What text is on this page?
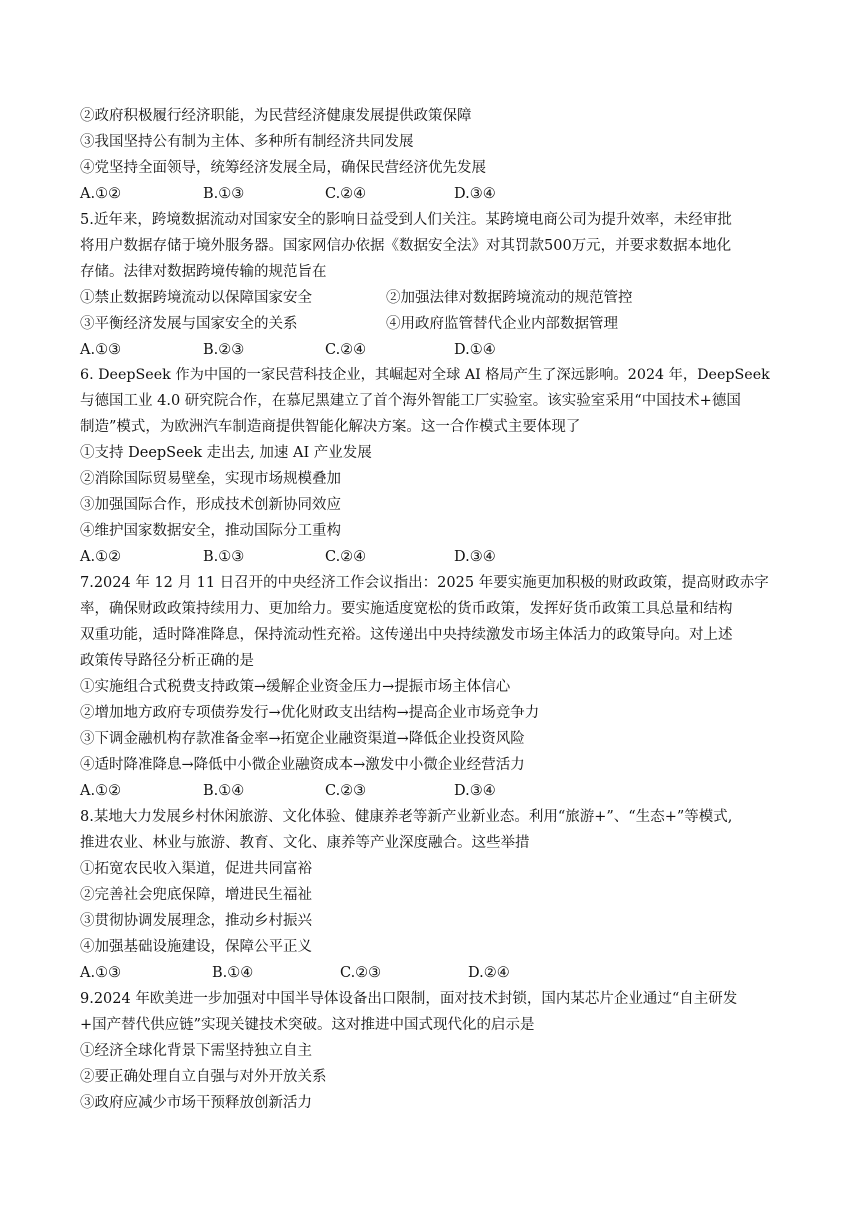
②政府积极履行经济职能，为民营经济健康发展提供政策保障
③我国坚持公有制为主体、多种所有制经济共同发展
④党坚持全面领导，统筹经济发展全局，确保民营经济优先发展
A.①②	B.①③	C.②④	D.③④
5.近年来，跨境数据流动对国家安全的影响日益受到人们关注。某跨境电商公司为提升效率，未经审批
将用户数据存储于境外服务器。国家网信办依据《数据安全法》对其罚款500万元，并要求数据本地化
存储。法律对数据跨境传输的规范旨在
①禁止数据跨境流动以保障国家安全	②加强法律对数据跨境流动的规范管控
③平衡经济发展与国家安全的关系	④用政府监管替代企业内部数据管理
A.①③	B.②③	C.②④	D.①④
6. DeepSeek 作为中国的一家民营科技企业，其崛起对全球 AI 格局产生了深远影响。2024 年，DeepSeek
与德国工业 4.0 研究院合作，在慕尼黑建立了首个海外智能工厂实验室。该实验室采用“中国技术+德国
制造”模式，为欧洲汽车制造商提供智能化解决方案。这一合作模式主要体现了
①支持 DeepSeek 走出去, 加速 AI 产业发展
②消除国际贸易壁垒，实现市场规模叠加
③加强国际合作，形成技术创新协同效应
④维护国家数据安全，推动国际分工重构
A.①②	B.①③	C.②④	D.③④
7.2024 年 12 月 11 日召开的中央经济工作会议指出：2025 年要实施更加积极的财政政策，提高财政赤字
率，确保财政政策持续用力、更加给力。要实施适度宽松的货币政策，发挥好货币政策工具总量和结构
双重功能，适时降准降息，保持流动性充裕。这传递出中央持续激发市场主体活力的政策导向。对上述
政策传导路径分析正确的是
①实施组合式税费支持政策→缓解企业资金压力→提振市场主体信心
②增加地方政府专项债券发行→优化财政支出结构→提高企业市场竞争力
③下调金融机构存款准备金率→拓宽企业融资渠道→降低企业投资风险
④适时降准降息→降低中小微企业融资成本→激发中小微企业经营活力
A.①②	B.①④	C.②③	D.③④
8.某地大力发展乡村休闲旅游、文化体验、健康养老等新产业新业态。利用“旅游+”、“生态+”等模式,
推进农业、林业与旅游、教育、文化、康养等产业深度融合。这些举措
①拓宽农民收入渠道，促进共同富裕
②完善社会兜底保障，增进民生福祉
③贯彻协调发展理念，推动乡村振兴
④加强基础设施建设，保障公平正义
A.①③	B.①④	C.②③	D.②④
9.2024 年欧美进一步加强对中国半导体设备出口限制，面对技术封锁，国内某芯片企业通过“自主研发
+国产替代供应链”实现关键技术突破。这对推进中国式现代化的启示是
①经济全球化背景下需坚持独立自主
②要正确处理自立自强与对外开放关系
③政府应减少市场干预释放创新活力
